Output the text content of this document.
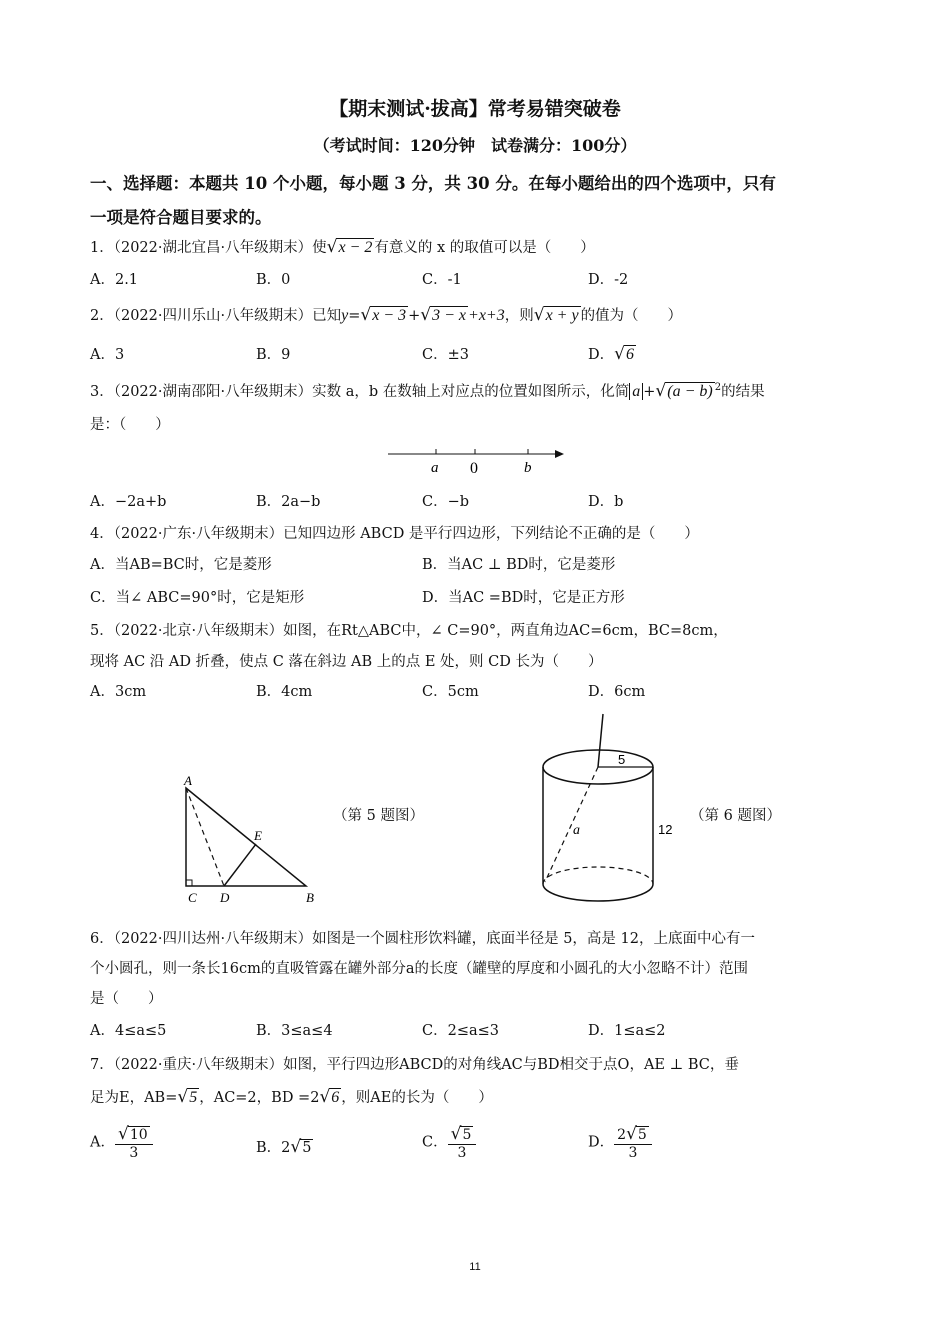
【期末测试·拔高】常考易错突破卷
（考试时间：120分钟　试卷满分：100分）
一、选择题：本题共 10 个小题，每小题 3 分，共 30 分。在每小题给出的四个选项中，只有
一项是符合题目要求的。
1．（2022·湖北宜昌·八年级期末）使√x − 2 有意义的 x 的取值可以是（　　）
A．2.1	B．0	C．-1	D．-2
2．（2022·四川乐山·八年级期末）已知y=√x − 3 +√3 − x +x+3，则√x + y 的值为（　　）
A．3	B．9	C．±3	D．√6
3．（2022·湖南邵阳·八年级期末）实数 a，b 在数轴上对应点的位置如图所示，化简 a +√(a − b) $^2$的结果
是：（　　）
a 0	b
A．−2a+b	B．2a−b	C．−b	D．b
4．（2022·广东·八年级期末）已知四边形 ABCD 是平行四边形，下列结论不正确的是（　　）
A．当AB=BC时，它是菱形	B．当AC ⊥ BD时，它是菱形
C．当∠ ABC=90°时，它是矩形	D．当AC =BD时，它是正方形
5．（2022·北京·八年级期末）如图，在Rt△ABC中，∠ C=90°，两直角边AC=6cm，BC=8cm，
现将 AC 沿 AD 折叠，使点 C 落在斜边 AB 上的点 E 处，则 CD 长为（　　）
A．3cm	B．4cm	C．5cm	D．6cm
A
C D	B
E
（第 5 题图）
5
12
a
（第 6 题图）
6．（2022·四川达州·八年级期末）如图是一个圆柱形饮料罐，底面半径是 5，高是 12，上底面中心有一
个小圆孔，则一条长16cm的直吸管露在罐外部分a的长度（罐壁的厚度和小圆孔的大小忽略不计）范围
是（　　）
A．4≤a≤5	B．3≤a≤4	C．2≤a≤3	D．1≤a≤2
7．（2022·重庆·八年级期末）如图，平行四边形ABCD的对角线AC与BD相交于点O，AE ⊥ BC，垂
足为E，AB=√5 ，AC=2，BD =2√6 ，则AE的长为（　　）
A． $\frac{√10}{3}$	B．2√5	C． $\frac{√5}{3}$	D． $\frac{2√5}{3}$
11
